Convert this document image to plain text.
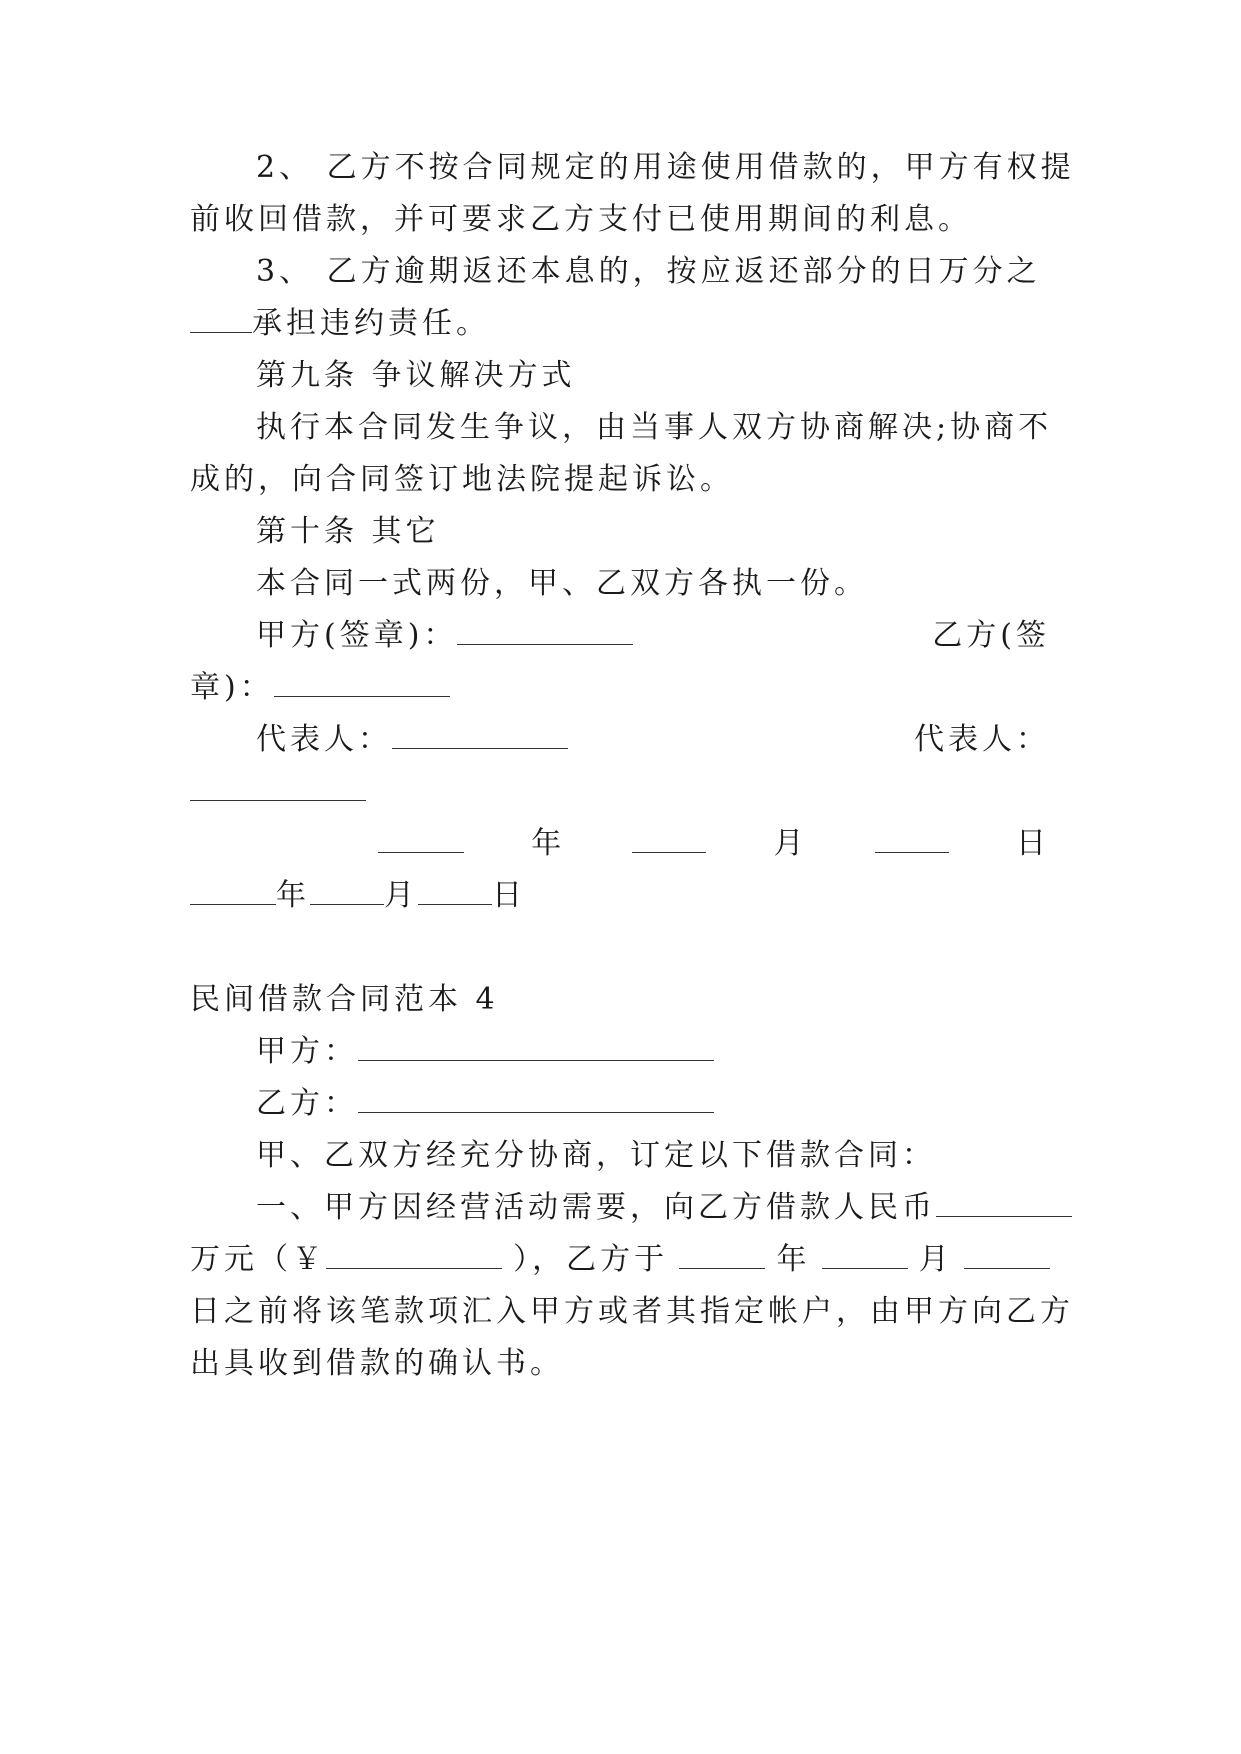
2、 乙方不按合同规定的用途使用借款的，甲方有权提
前收回借款，并可要求乙方支付已使用期间的利息。
3、 乙方逾期返还本息的，按应返还部分的日万分之
承担违约责任。
第九条 争议解决方式
执行本合同发生争议，由当事人双方协商解决;协商不
成的，向合同签订地法院提起诉讼。
第十条 其它
本合同一式两份，甲、乙双方各执一份。
甲方(签章)：	乙方(签
章)：
代表人：	代表人：
年	月	日
年 月 日
民间借款合同范本 4
甲方：
乙方：
甲、乙双方经充分协商，订定以下借款合同：
一、甲方因经营活动需要，向乙方借款人民币
万元（￥	），乙方于	年	月
日之前将该笔款项汇入甲方或者其指定帐户，由甲方向乙方
出具收到借款的确认书。
